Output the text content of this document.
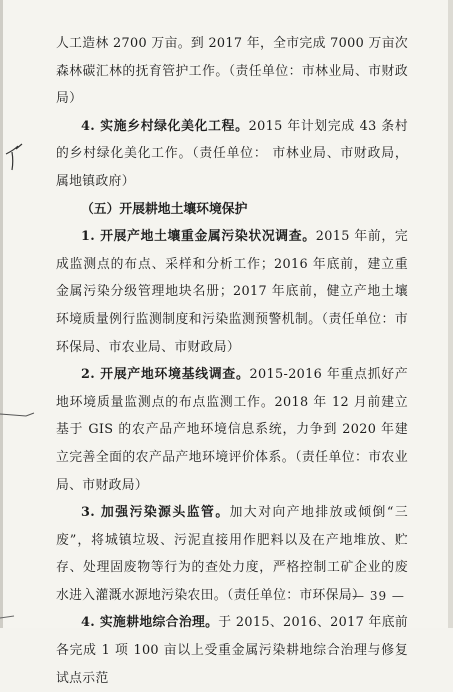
人工造林 2700 万亩。到 2017 年，全市完成 7000 万亩次森林碳汇林的抚育管护工作。（责任单位：市林业局、市财政局）

4. 实施乡村绿化美化工程。2015 年计划完成 43 条村的乡村绿化美化工作。（责任单位： 市林业局、市财政局，属地镇政府）

（五）开展耕地土壤环境保护

1. 开展产地土壤重金属污染状况调查。2015 年前，完成监测点的布点、采样和分析工作；2016 年底前，建立重金属污染分级管理地块名册；2017 年底前，健立产地土壤环境质量例行监测制度和污染监测预警机制。（责任单位：市环保局、市农业局、市财政局）

2. 开展产地环境基线调查。2015-2016 年重点抓好产地环境质量监测点的布点监测工作。2018 年 12 月前建立基于 GIS 的农产品产地环境信息系统，力争到 2020 年建立完善全面的农产品产地环境评价体系。（责任单位：市农业局、市财政局）

3. 加强污染源头监管。加大对向产地排放或倾倒“三废”，将城镇垃圾、污泥直接用作肥料以及在产地堆放、贮存、处理固废物等行为的查处力度，严格控制工矿企业的废水进入灌溉水源地污染农田。（责任单位：市环保局）

4. 实施耕地综合治理。于 2015、2016、2017 年底前各完成 1 项 100 亩以上受重金属污染耕地综合治理与修复试点示范

— 39 —
